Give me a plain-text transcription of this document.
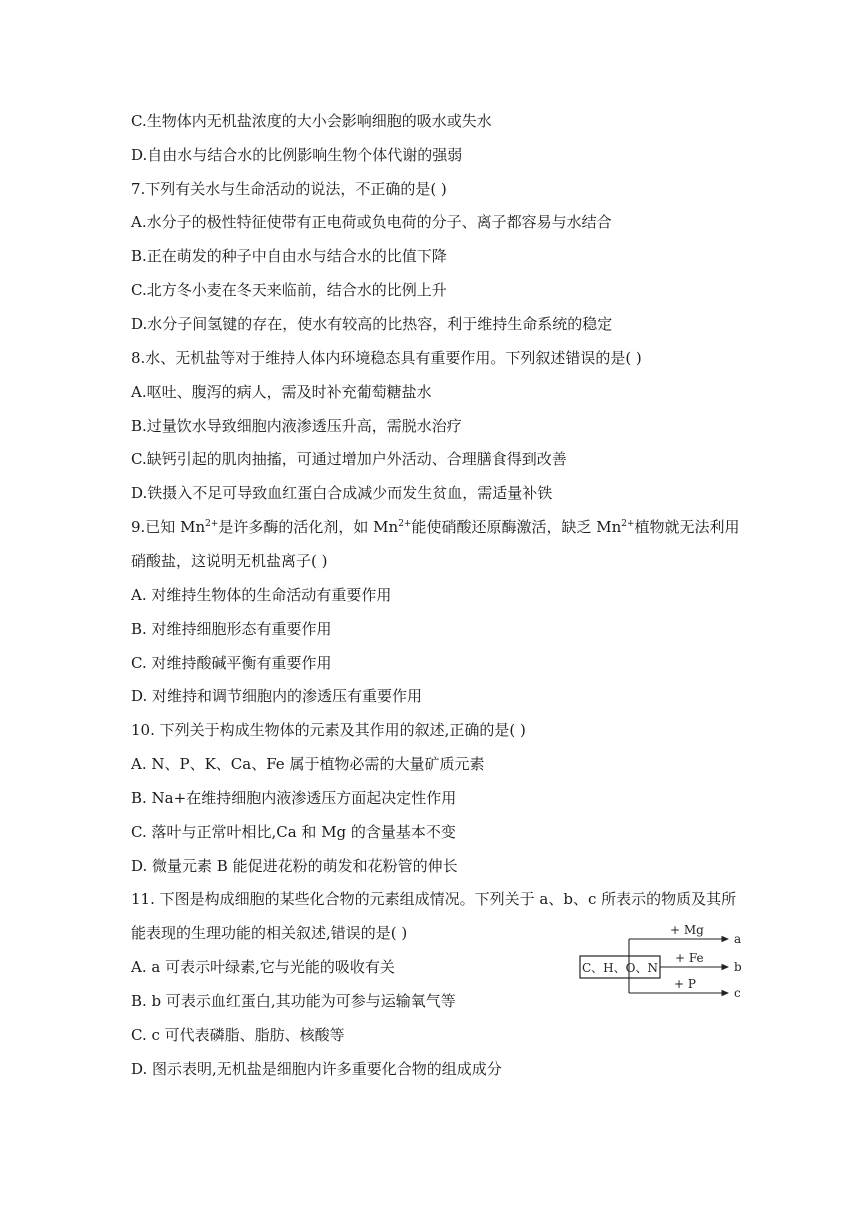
C.生物体内无机盐浓度的大小会影响细胞的吸水或失水
D.自由水与结合水的比例影响生物个体代谢的强弱
7.下列有关水与生命活动的说法，不正确的是( )
A.水分子的极性特征使带有正电荷或负电荷的分子、离子都容易与水结合
B.正在萌发的种子中自由水与结合水的比值下降
C.北方冬小麦在冬天来临前，结合水的比例上升
D.水分子间氢键的存在，使水有较高的比热容，利于维持生命系统的稳定
8.水、无机盐等对于维持人体内环境稳态具有重要作用。下列叙述错误的是( )
A.呕吐、腹泻的病人，需及时补充葡萄糖盐水
B.过量饮水导致细胞内液渗透压升高，需脱水治疗
C.缺钙引起的肌肉抽搐，可通过增加户外活动、合理膳食得到改善
D.铁摄入不足可导致血红蛋白合成减少而发生贫血，需适量补铁
9.已知 $Mn^{2+}$是许多酶的活化剂，如 $Mn^{2+}$能使硝酸还原酶激活，缺乏 $Mn^{2+}$植物就无法利用
硝酸盐，这说明无机盐离子( )
A. 对维持生物体的生命活动有重要作用
B. 对维持细胞形态有重要作用
C. 对维持酸碱平衡有重要作用
D. 对维持和调节细胞内的渗透压有重要作用
10. 下列关于构成生物体的元素及其作用的叙述,正确的是( )
A. N、P、K、Ca、Fe 属于植物必需的大量矿质元素
B. Na+在维持细胞内液渗透压方面起决定性作用
C. 落叶与正常叶相比,Ca 和 Mg 的含量基本不变
D. 微量元素 B 能促进花粉的萌发和花粉管的伸长
11. 下图是构成细胞的某些化合物的元素组成情况。下列关于 a、b、c 所表示的物质及其所
能表现的生理功能的相关叙述,错误的是( )
A. a 可表示叶绿素,它与光能的吸收有关
B. b 可表示血红蛋白,其功能为可参与运输氧气等
C. c 可代表磷脂、脂肪、核酸等
D. 图示表明,无机盐是细胞内许多重要化合物的组成成分
C、H、O、N
+ Mg
+ Fe
+ P
a
b
c
